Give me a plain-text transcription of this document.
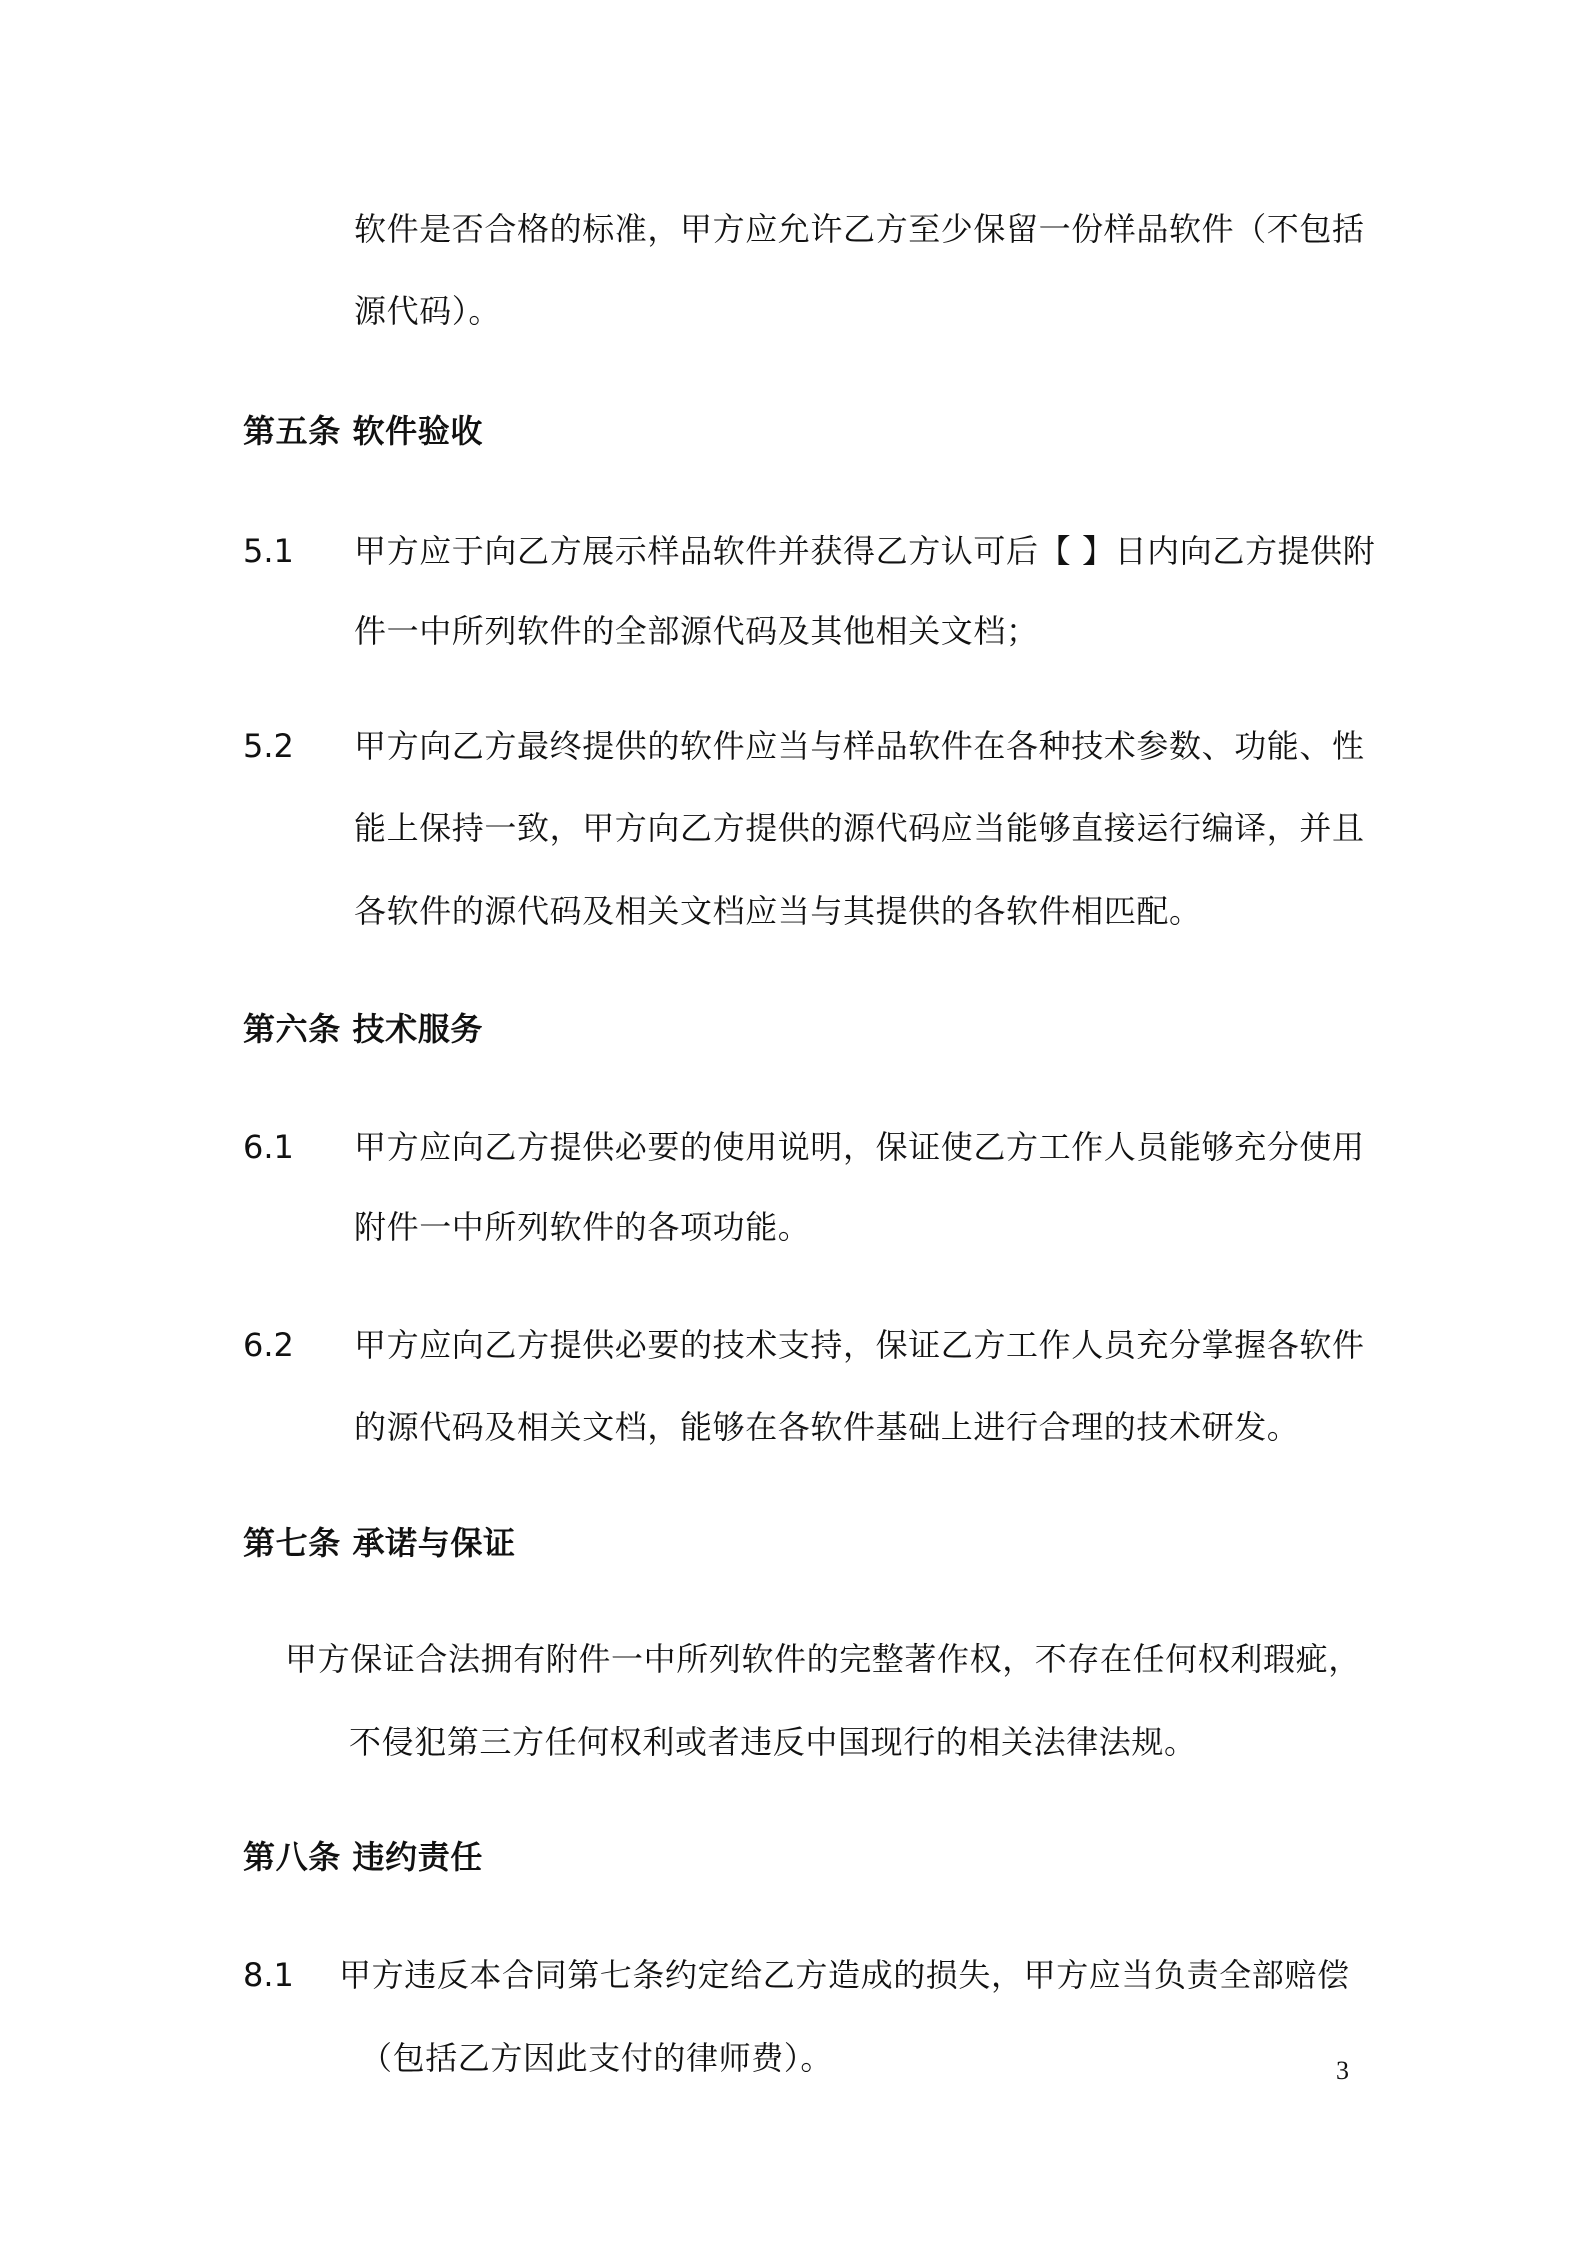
软件是否合格的标准，甲方应允许乙方至少保留一份样品软件（不包括
源代码）。
第五条 软件验收
5.1 甲方应于向乙方展示样品软件并获得乙方认可后【 】日内向乙方提供附
件一中所列软件的全部源代码及其他相关文档；
5.2 甲方向乙方最终提供的软件应当与样品软件在各种技术参数、功能、性
能上保持一致，甲方向乙方提供的源代码应当能够直接运行编译，并且
各软件的源代码及相关文档应当与其提供的各软件相匹配。
第六条 技术服务
6.1 甲方应向乙方提供必要的使用说明，保证使乙方工作人员能够充分使用
附件一中所列软件的各项功能。
6.2 甲方应向乙方提供必要的技术支持，保证乙方工作人员充分掌握各软件
的源代码及相关文档，能够在各软件基础上进行合理的技术研发。
第七条 承诺与保证
甲方保证合法拥有附件一中所列软件的完整著作权，不存在任何权利瑕疵，
不侵犯第三方任何权利或者违反中国现行的相关法律法规。
第八条 违约责任
8.1 甲方违反本合同第七条约定给乙方造成的损失，甲方应当负责全部赔偿
（包括乙方因此支付的律师费）。	3
